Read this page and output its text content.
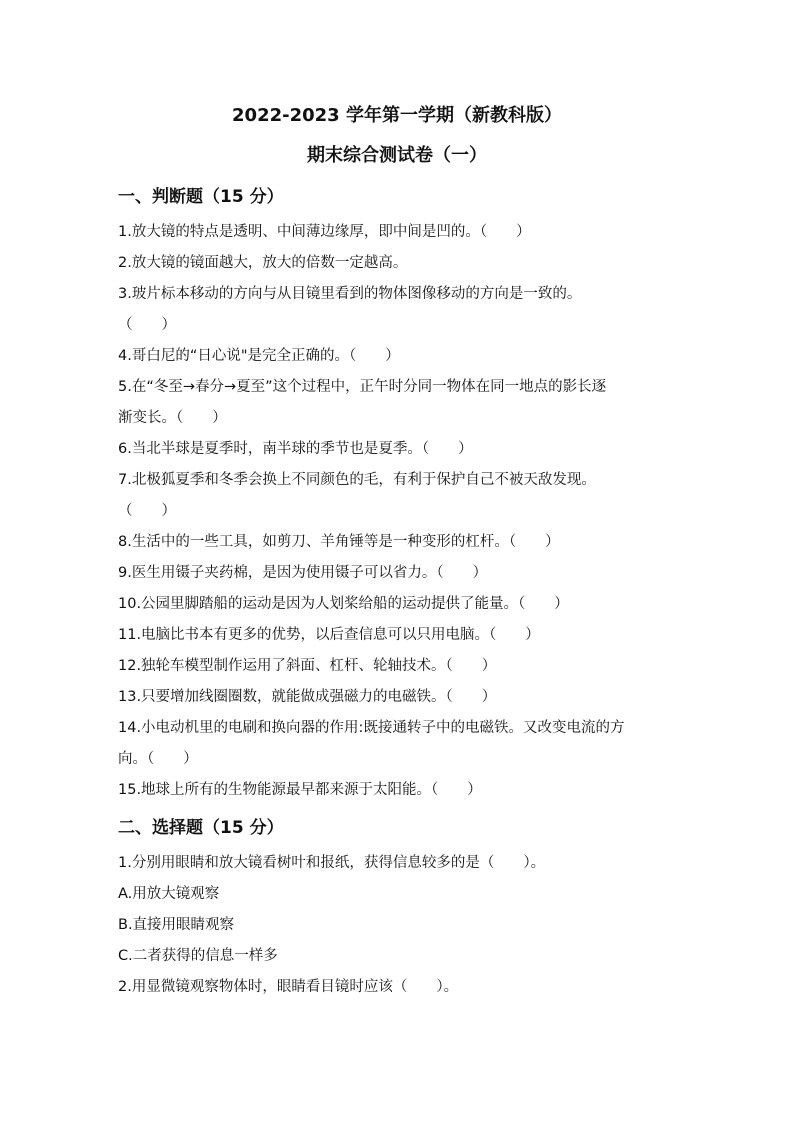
2022-2023 学年第一学期（新教科版）

期末综合测试卷（一）

一、判断题（15 分）

1.放大镜的特点是透明、中间薄边缘厚，即中间是凹的。（　　）

2.放大镜的镜面越大，放大的倍数一定越高。

3.玻片标本移动的方向与从目镜里看到的物体图像移动的方向是一致的。

（　　）

4.哥白尼的“日心说"是完全正确的。（　　）

5.在“冬至→春分→夏至”这个过程中，正午时分同一物体在同一地点的影长逐

渐变长。（　　）

6.当北半球是夏季时，南半球的季节也是夏季。（　　）

7.北极狐夏季和冬季会换上不同颜色的毛，有利于保护自己不被天敌发现。

（　　）

8.生活中的一些工具，如剪刀、羊角锤等是一种变形的杠杆。（　　）

9.医生用镊子夹药棉，是因为使用镊子可以省力。（　　）

10.公园里脚踏船的运动是因为人划桨给船的运动提供了能量。（　　）

11.电脑比书本有更多的优势，以后查信息可以只用电脑。（　　）

12.独轮车模型制作运用了斜面、杠杆、轮轴技术。（　　）

13.只要增加线圈圈数，就能做成强磁力的电磁铁。（　　）

14.小电动机里的电刷和换向器的作用:既接通转子中的电磁铁。又改变电流的方

向。（　　）

15.地球上所有的生物能源最早都来源于太阳能。（　　）

二、选择题（15 分）

1.分别用眼睛和放大镜看树叶和报纸，获得信息较多的是（　　）。

A.用放大镜观察

B.直接用眼睛观察

C.二者获得的信息一样多

2.用显微镜观察物体时，眼睛看目镜时应该（　　）。
